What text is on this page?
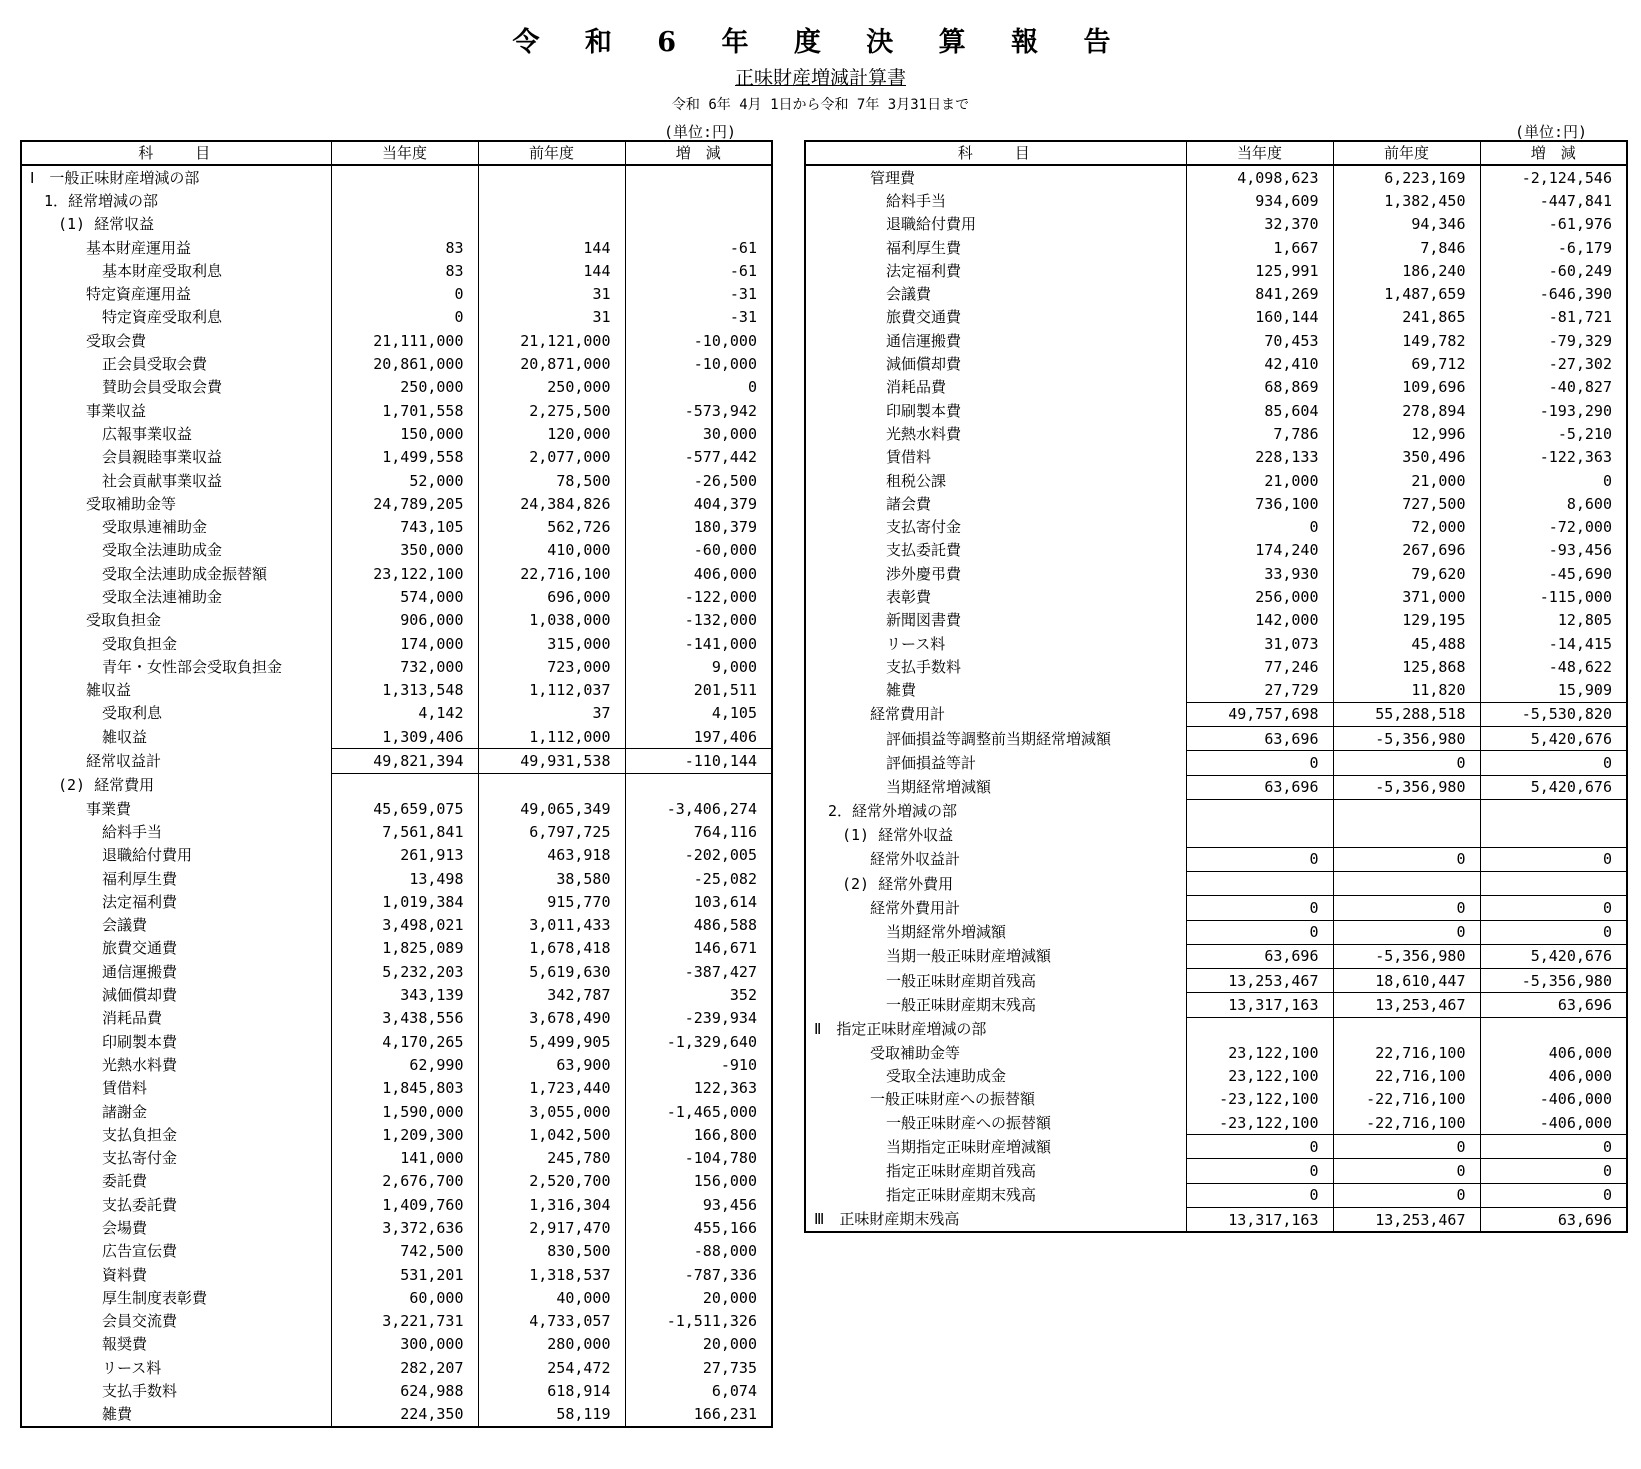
令 和 6 年 度 決 算 報 告
正味財産増減計算書
令和 6年 4月 1日から令和 7年 3月31日まで
(単位:円)	(単位:円)
科　　目	当年度	前年度	増　減
Ⅰ　一般正味財産増減の部			
1．経常増減の部			
(1) 経常収益			
基本財産運用益	83	144	-61
基本財産受取利息	83	144	-61
特定資産運用益	0	31	-31
特定資産受取利息	0	31	-31
受取会費	21,111,000	21,121,000	-10,000
正会員受取会費	20,861,000	20,871,000	-10,000
賛助会員受取会費	250,000	250,000	0
事業収益	1,701,558	2,275,500	-573,942
広報事業収益	150,000	120,000	30,000
会員親睦事業収益	1,499,558	2,077,000	-577,442
社会貢献事業収益	52,000	78,500	-26,500
受取補助金等	24,789,205	24,384,826	404,379
受取県連補助金	743,105	562,726	180,379
受取全法連助成金	350,000	410,000	-60,000
受取全法連助成金振替額	23,122,100	22,716,100	406,000
受取全法連補助金	574,000	696,000	-122,000
受取負担金	906,000	1,038,000	-132,000
受取負担金	174,000	315,000	-141,000
青年・女性部会受取負担金	732,000	723,000	9,000
雑収益	1,313,548	1,112,037	201,511
受取利息	4,142	37	4,105
雑収益	1,309,406	1,112,000	197,406
経常収益計	49,821,394	49,931,538	-110,144
(2) 経常費用			
事業費	45,659,075	49,065,349	-3,406,274
給料手当	7,561,841	6,797,725	764,116
退職給付費用	261,913	463,918	-202,005
福利厚生費	13,498	38,580	-25,082
法定福利費	1,019,384	915,770	103,614
会議費	3,498,021	3,011,433	486,588
旅費交通費	1,825,089	1,678,418	146,671
通信運搬費	5,232,203	5,619,630	-387,427
減価償却費	343,139	342,787	352
消耗品費	3,438,556	3,678,490	-239,934
印刷製本費	4,170,265	5,499,905	-1,329,640
光熱水料費	62,990	63,900	-910
賃借料	1,845,803	1,723,440	122,363
諸謝金	1,590,000	3,055,000	-1,465,000
支払負担金	1,209,300	1,042,500	166,800
支払寄付金	141,000	245,780	-104,780
委託費	2,676,700	2,520,700	156,000
支払委託費	1,409,760	1,316,304	93,456
会場費	3,372,636	2,917,470	455,166
広告宣伝費	742,500	830,500	-88,000
資料費	531,201	1,318,537	-787,336
厚生制度表彰費	60,000	40,000	20,000
会員交流費	3,221,731	4,733,057	-1,511,326
報奨費	300,000	280,000	20,000
リース料	282,207	254,472	27,735
支払手数料	624,988	618,914	6,074
雑費	224,350	58,119	166,231
科　　目	当年度	前年度	増　減
管理費	4,098,623	6,223,169	-2,124,546
給料手当	934,609	1,382,450	-447,841
退職給付費用	32,370	94,346	-61,976
福利厚生費	1,667	7,846	-6,179
法定福利費	125,991	186,240	-60,249
会議費	841,269	1,487,659	-646,390
旅費交通費	160,144	241,865	-81,721
通信運搬費	70,453	149,782	-79,329
減価償却費	42,410	69,712	-27,302
消耗品費	68,869	109,696	-40,827
印刷製本費	85,604	278,894	-193,290
光熱水料費	7,786	12,996	-5,210
賃借料	228,133	350,496	-122,363
租税公課	21,000	21,000	0
諸会費	736,100	727,500	8,600
支払寄付金	0	72,000	-72,000
支払委託費	174,240	267,696	-93,456
渉外慶弔費	33,930	79,620	-45,690
表彰費	256,000	371,000	-115,000
新聞図書費	142,000	129,195	12,805
リース料	31,073	45,488	-14,415
支払手数料	77,246	125,868	-48,622
雑費	27,729	11,820	15,909
経常費用計	49,757,698	55,288,518	-5,530,820
評価損益等調整前当期経常増減額	63,696	-5,356,980	5,420,676
評価損益等計	0	0	0
当期経常増減額	63,696	-5,356,980	5,420,676
2．経常外増減の部			
(1) 経常外収益			
経常外収益計	0	0	0
(2) 経常外費用			
経常外費用計	0	0	0
当期経常外増減額	0	0	0
当期一般正味財産増減額	63,696	-5,356,980	5,420,676
一般正味財産期首残高	13,253,467	18,610,447	-5,356,980
一般正味財産期末残高	13,317,163	13,253,467	63,696
Ⅱ　指定正味財産増減の部			
受取補助金等	23,122,100	22,716,100	406,000
受取全法連助成金	23,122,100	22,716,100	406,000
一般正味財産への振替額	-23,122,100	-22,716,100	-406,000
一般正味財産への振替額	-23,122,100	-22,716,100	-406,000
当期指定正味財産増減額	0	0	0
指定正味財産期首残高	0	0	0
指定正味財産期末残高	0	0	0
Ⅲ　正味財産期末残高	13,317,163	13,253,467	63,696
